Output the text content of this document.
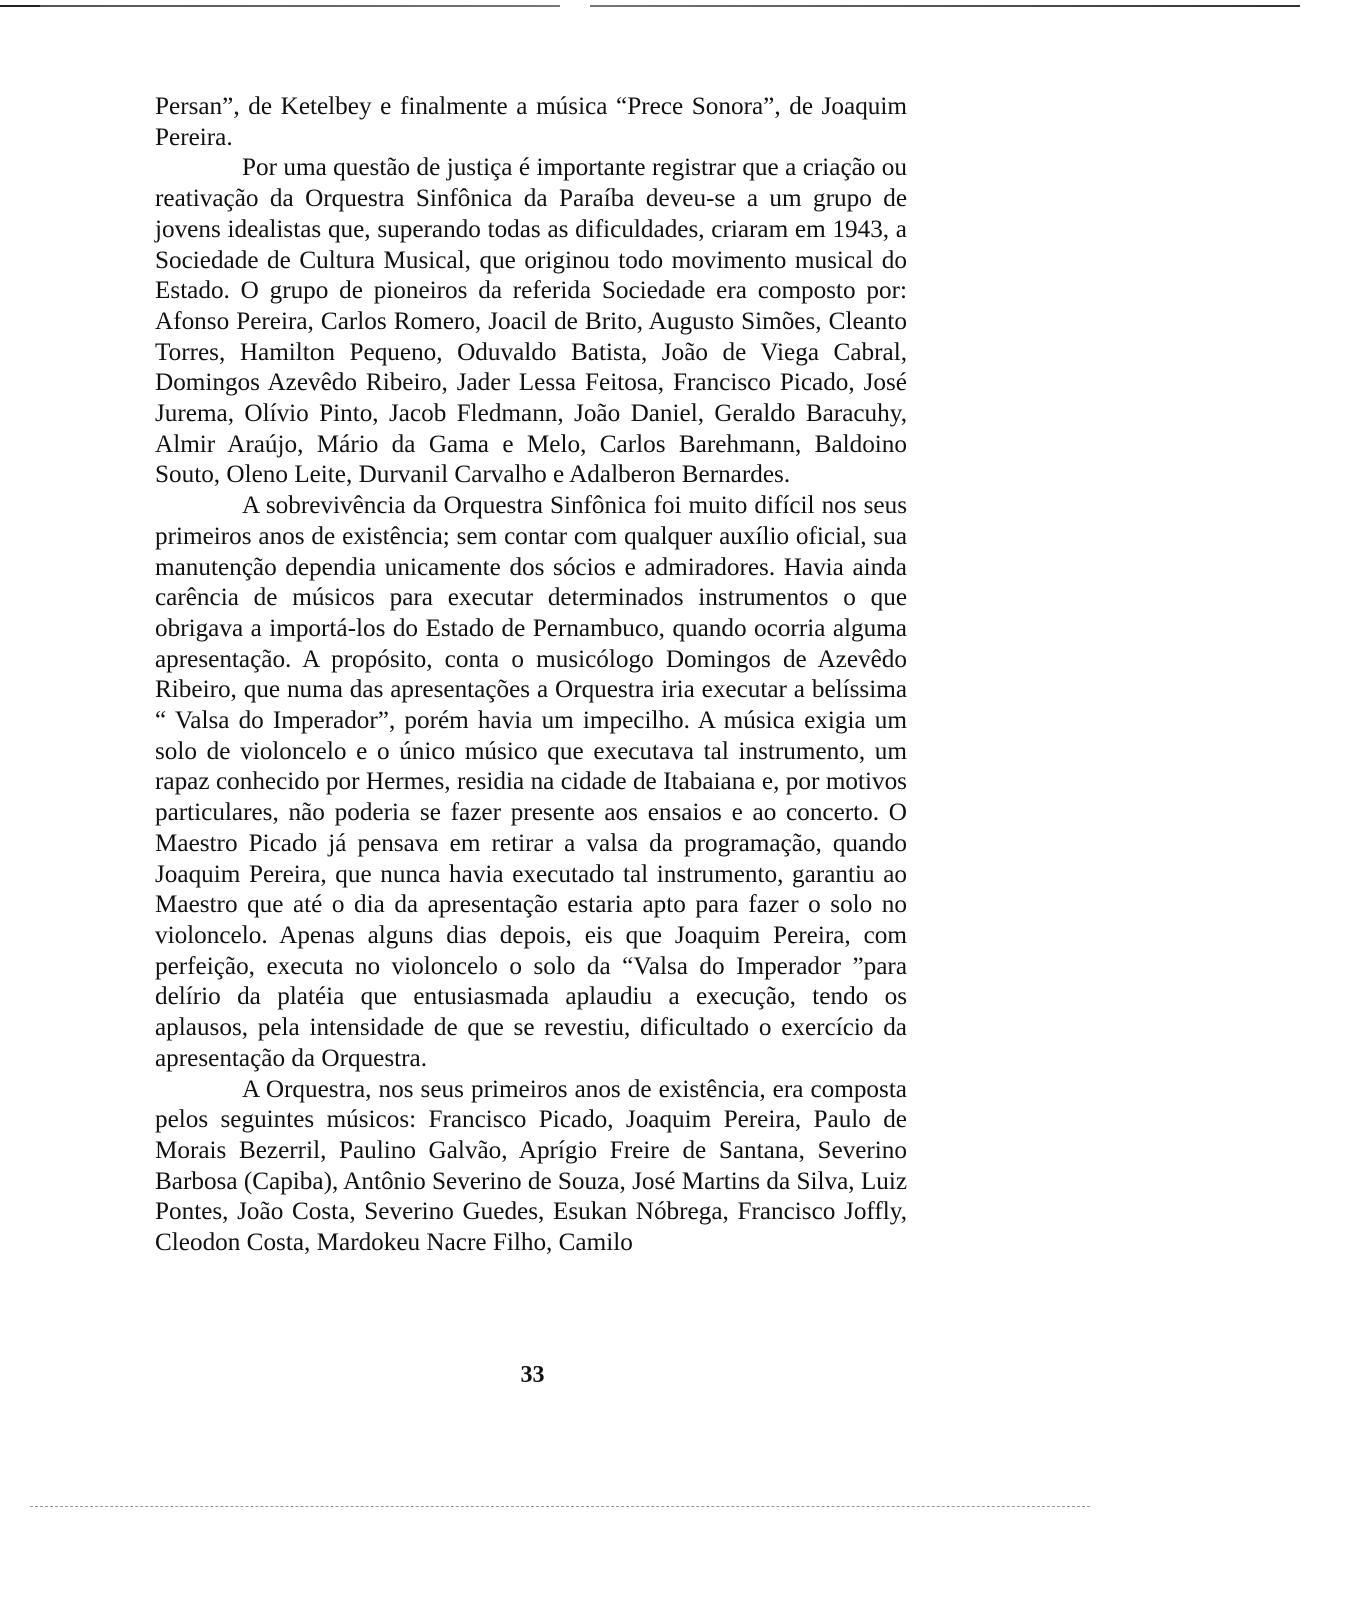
Persan”, de Ketelbey e finalmente a música “Prece Sonora”, de Joaquim Pereira.

Por uma questão de justiça é importante registrar que a criação ou reativação da Orquestra Sinfônica da Paraíba deveu-se a um grupo de jovens idealistas que, superando todas as dificuldades, criaram em 1943, a Sociedade de Cultura Musical, que originou todo movimento musical do Estado. O grupo de pioneiros da referida Sociedade era composto por: Afonso Pereira, Carlos Romero, Joacil de Brito, Augusto Simões, Cleanto Torres, Hamilton Pequeno, Oduvaldo Batista, João de Viega Cabral, Domingos Azevêdo Ribeiro, Jader Lessa Feitosa, Francisco Picado, José Jurema, Olívio Pinto, Jacob Fledmann, João Daniel, Geraldo Baracuhy, Almir Araújo, Mário da Gama e Melo, Carlos Barehmann, Baldoino Souto, Oleno Leite, Durvanil Carvalho e Adalberon Bernardes.

A sobrevivência da Orquestra Sinfônica foi muito difícil nos seus primeiros anos de existência; sem contar com qualquer auxílio oficial, sua manutenção dependia unicamente dos sócios e admiradores. Havia ainda carência de músicos para executar determinados instrumentos o que obrigava a importá-los do Estado de Pernambuco, quando ocorria alguma apresentação. A propósito, conta o musicólogo Domingos de Azevêdo Ribeiro, que numa das apresentações a Orquestra iria executar a belíssima “ Valsa do Imperador”, porém havia um impecilho. A música exigia um solo de violoncelo e o único músico que executava tal instrumento, um rapaz conhecido por Hermes, residia na cidade de Itabaiana e, por motivos particulares, não poderia se fazer presente aos ensaios e ao concerto. O Maestro Picado já pensava em retirar a valsa da programação, quando Joaquim Pereira, que nunca havia executado tal instrumento, garantiu ao Maestro que até o dia da apresentação estaria apto para fazer o solo no violoncelo. Apenas alguns dias depois, eis que Joaquim Pereira, com perfeição, executa no violoncelo o solo da “Valsa do Imperador ”para delírio da platéia que entusiasmada aplaudiu a execução, tendo os aplausos, pela intensidade de que se revestiu, dificultado o exercício da apresentação da Orquestra.

A Orquestra, nos seus primeiros anos de existência, era composta pelos seguintes músicos: Francisco Picado, Joaquim Pereira, Paulo de Morais Bezerril, Paulino Galvão, Aprígio Freire de Santana, Severino Barbosa (Capiba), Antônio Severino de Souza, José Martins da Silva, Luiz Pontes, João Costa, Severino Guedes, Esukan Nóbrega, Francisco Joffly, Cleodon Costa, Mardokeu Nacre Filho, Camilo

33
